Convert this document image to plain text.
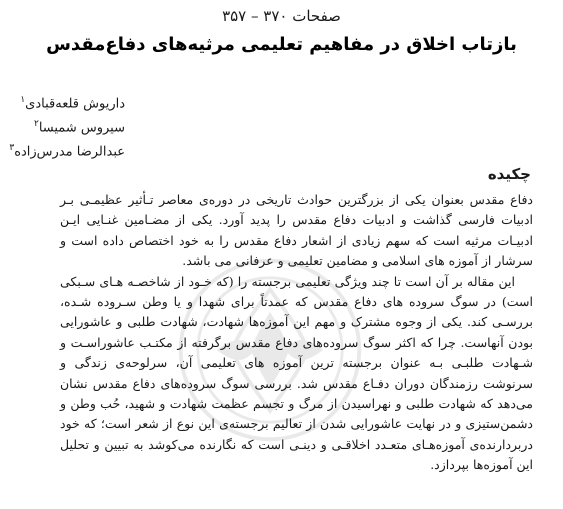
صفحات ۳۷۰ – ۳۵۷
بازتاب اخلاق در مفاهیم تعلیمی مرثیه‌های دفاع‌مقدس
داریوش قلعه‌قبادی$^۱$
سیروس شمیسا$^۲$
عبدالرضا مدرس‌زاده$^۳$
چکیده

دفاع مقدس بعنوان یکی از بزرگترین حوادث تاریخی در دوره‌ی معاصر تـأثیر عظیمـی بـر ادبیات فارسی گذاشت و ادبیات دفاع مقدس را پدید آورد. یکی از مضـامین غنـایی ایـن ادبیـات مرثیه است که سهم زیادی از اشعار دفاع مقدس را به خود اختصاص داده است و سرشار از آموزه های اسلامی و مضامین تعلیمی و عرفانی می باشد.

این مقاله بر آن است تا چند ویژگی تعلیمی برجسته را (که خـود از شاخصـه هـای سـبکی است) در سوگ سروده های دفاع مقدس که عمدتاً برای شهدا و یا وطن سـروده شـده، بررسـی کند. یکی از وجوه مشترک و مهم این آموزه‌ها شهادت، شهادت طلبی و عاشورایی بودن آنهاست. چرا که اکثر سوگ سروده‌های دفاع مقدس برگرفته از مکتـب عاشوراسـت و شـهادت طلبـی بـه عنوان برجسته ترین آموزه های تعلیمی آن، سرلوحه‌ی زندگی و سرنوشت رزمندگان دوران دفـاع مقدس شد. بررسی سوگ سروده‌های دفاع مقدس نشان می‌دهد که شهادت طلبی و نهراسیدن از مرگ و تجسم عظمت شهادت و شهید، حُب وطن و دشمن‌ستیزی و در نهایت عاشورایی شدن از تعالیم برجسته‌ی این نوع از شعر است؛ که خود دربردارنده‌ی آموزه‌هـای متعـدد اخلاقـی و دینـی است که نگارنده می‌کوشد به تبیین و تحلیل این آموزه‌ها بپردازد.
